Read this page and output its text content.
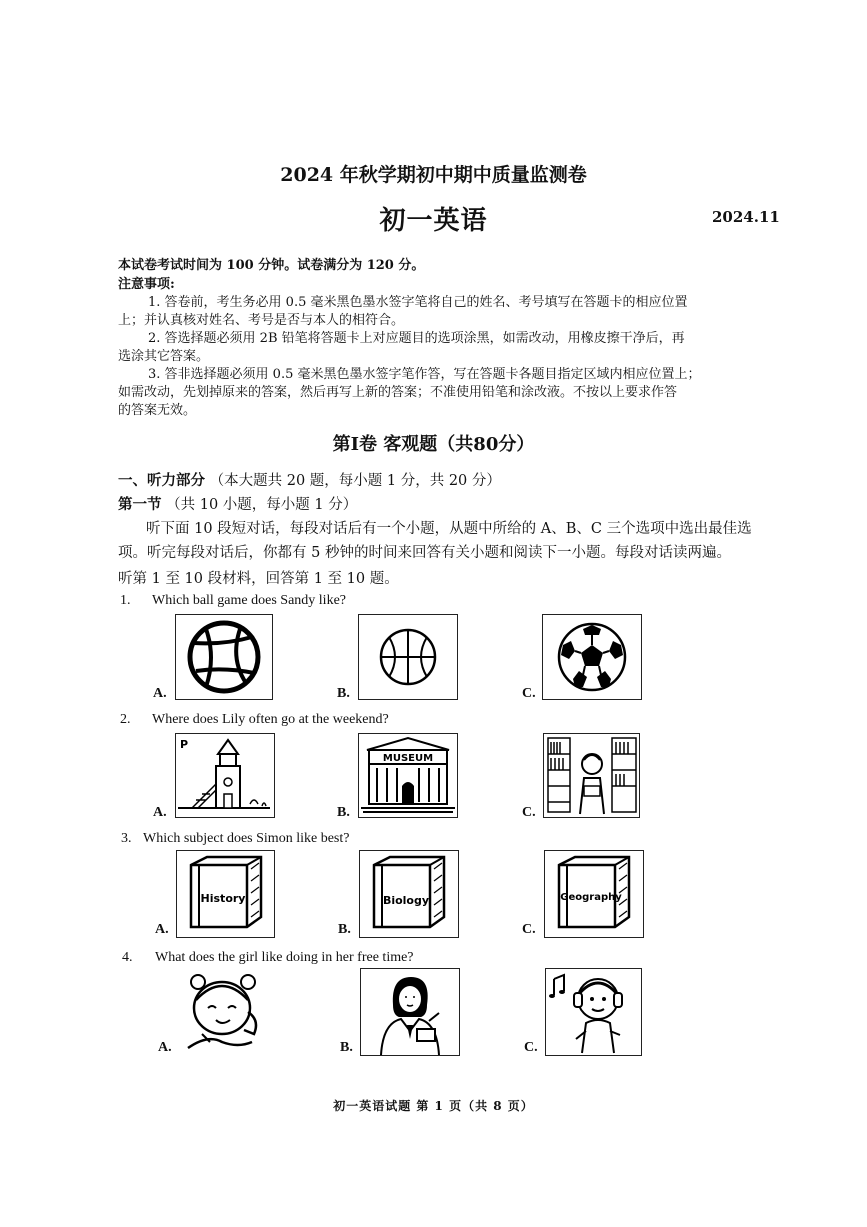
2024 年秋学期初中期中质量监测卷
初一英语	2024.11
本试卷考试时间为 100 分钟。试卷满分为 120 分。
注意事项:
1. 答卷前，考生务必用 0.5 毫米黑色墨水签字笔将自己的姓名、考号填写在答题卡的相应位置
上；并认真核对姓名、考号是否与本人的相符合。
2. 答选择题必须用 2B 铅笔将答题卡上对应题目的选项涂黑，如需改动，用橡皮擦干净后，再
选涂其它答案。
3. 答非选择题必须用 0.5 毫米黑色墨水签字笔作答，写在答题卡各题目指定区域内相应位置上；
如需改动，先划掉原来的答案，然后再写上新的答案；不准使用铅笔和涂改液。不按以上要求作答
的答案无效。
第Ⅰ卷 客观题（共80分）
一、听力部分 （本大题共 20 题，每小题 1 分，共 20 分）
第一节 （共 10 小题，每小题 1 分）
听下面 10 段短对话，每段对话后有一个小题，从题中所给的 A、B、C 三个选项中选出最佳选
项。听完每段对话后，你都有 5 秒钟的时间来回答有关小题和阅读下一小题。每段对话读两遍。
听第 1 至 10 段材料，回答第 1 至 10 题。
1. Which ball game does Sandy like?
A.	B.	C.
2. Where does Lily often go at the weekend?
A.
P
B.
MUSEUM
C.
3. Which subject does Simon like best?
A.
History
B.
Biology
C.
Geography
4. What does the girl like doing in her free time?
A.	B.	C.
初一英语试题 第 1 页（共 8 页）
